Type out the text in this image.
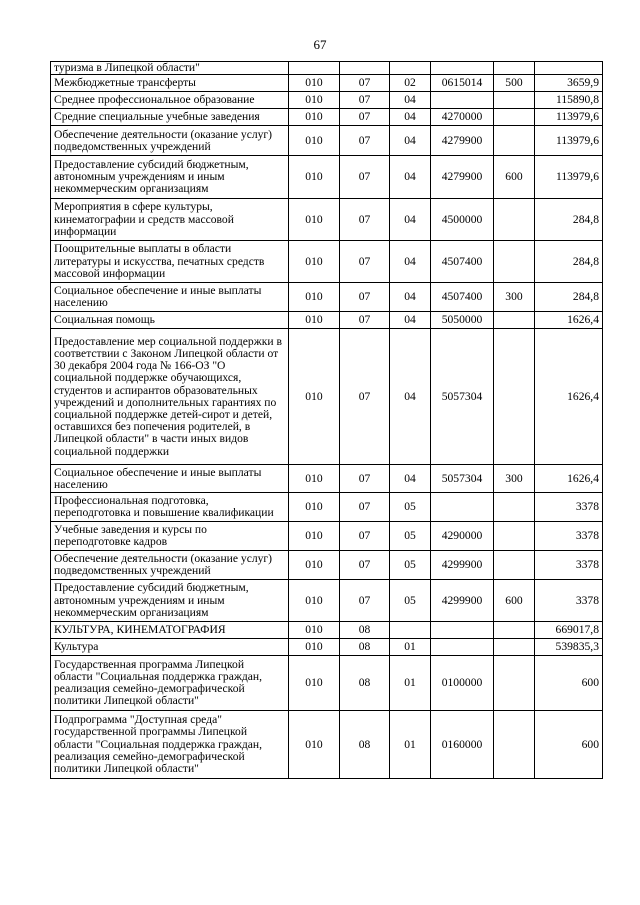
67
туризма в Липецкой области"						
Межбюджетные трансферты	010	07	02	0615014	500	3659,9
Среднее профессиональное образование	010	07	04			115890,8
Средние специальные учебные заведения	010	07	04	4270000		113979,6
Обеспечение деятельности (оказание услуг) подведомственных учреждений	010	07	04	4279900		113979,6
Предоставление субсидий бюджетным, автономным учреждениям и иным некоммерческим организациям	010	07	04	4279900	600	113979,6
Мероприятия в сфере культуры, кинематографии и средств массовой информации	010	07	04	4500000		284,8
Поощрительные выплаты в области литературы и искусства, печатных средств массовой информации	010	07	04	4507400		284,8
Социальное обеспечение и иные выплаты населению	010	07	04	4507400	300	284,8
Социальная помощь	010	07	04	5050000		1626,4
Предоставление мер социальной поддержки в соответствии с Законом Липецкой области от 30 декабря 2004 года № 166-ОЗ "О социальной поддержке обучающихся, студентов и аспирантов образовательных учреждений и дополнительных гарантиях по социальной поддержке детей-сирот и детей, оставшихся без попечения родителей, в Липецкой области" в части иных видов социальной поддержки	010	07	04	5057304		1626,4
Социальное обеспечение и иные выплаты населению	010	07	04	5057304	300	1626,4
Профессиональная подготовка, переподготовка и повышение квалификации	010	07	05			3378
Учебные заведения и курсы по переподготовке кадров	010	07	05	4290000		3378
Обеспечение деятельности (оказание услуг) подведомственных учреждений	010	07	05	4299900		3378
Предоставление субсидий бюджетным, автономным учреждениям и иным некоммерческим организациям	010	07	05	4299900	600	3378
КУЛЬТУРА, КИНЕМАТОГРАФИЯ	010	08				669017,8
Культура	010	08	01			539835,3
Государственная программа Липецкой области "Социальная поддержка граждан, реализация семейно-демографической политики Липецкой области"	010	08	01	0100000		600
Подпрограмма "Доступная среда" государственной программы Липецкой области "Социальная поддержка граждан, реализация семейно-демографической политики Липецкой области"	010	08	01	0160000		600
